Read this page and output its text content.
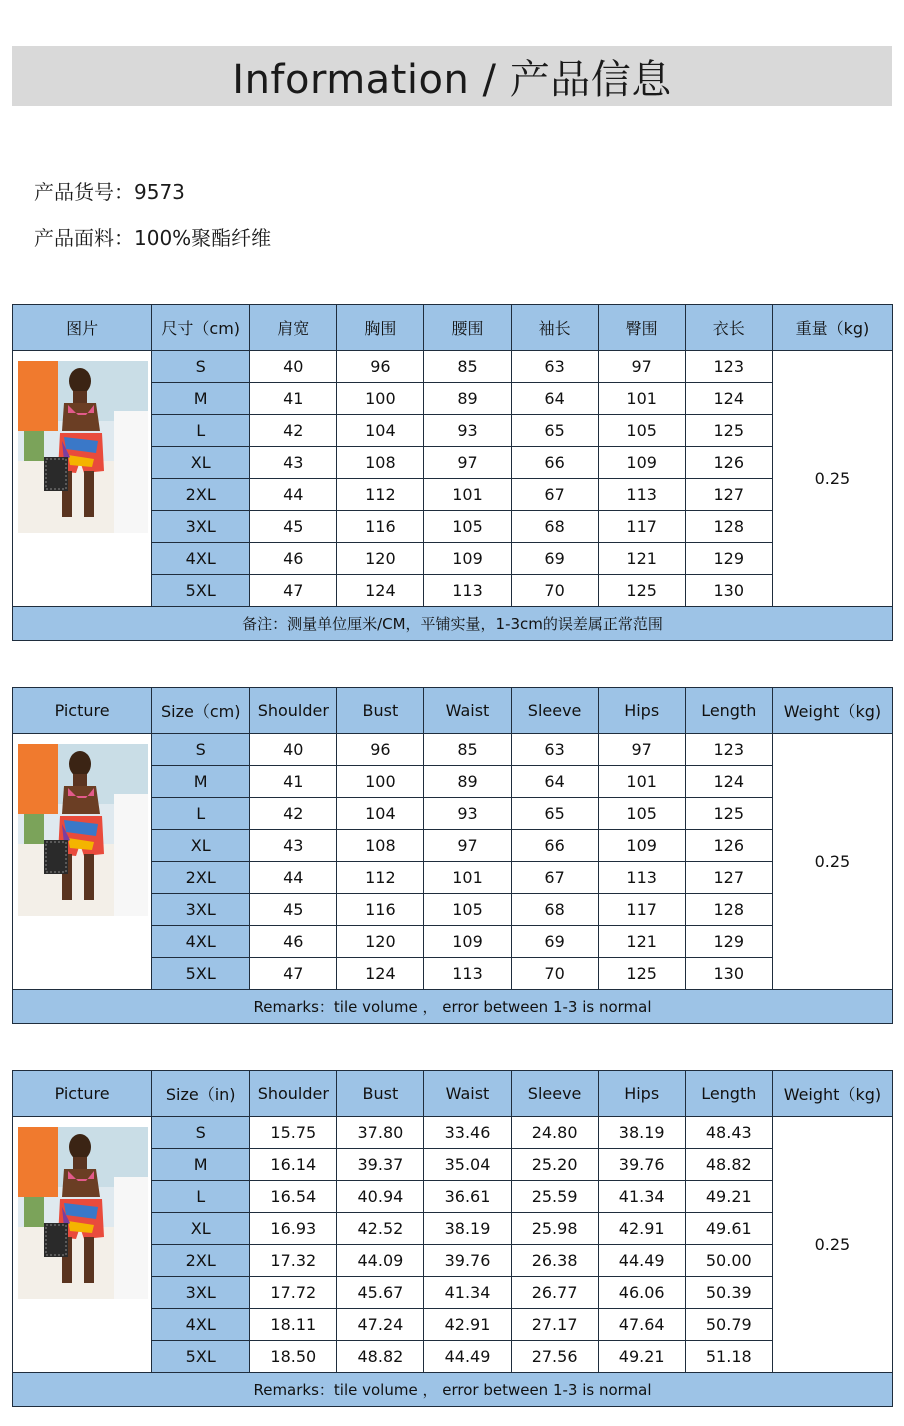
Information / 产品信息
产品货号：9573
产品面料：100%聚酯纤维
图片	尺寸（cm)	肩宽	胸围	腰围	袖长	臀围	衣长	重量（kg)

	S	40	96	85	63	97	123	0.25
	M	41	100	89	64	101	124	
	L	42	104	93	65	105	125	
	XL	43	108	97	66	109	126	
	2XL	44	112	101	67	113	127	
	3XL	45	116	105	68	117	128	
	4XL	46	120	109	69	121	129	
	5XL	47	124	113	70	125	130	
备注：测量单位厘米/CM，平铺实量，1-3cm的误差属正常范围								
Picture	Size（cm)	Shoulder	Bust	Waist	Sleeve	Hips	Length	Weight（kg)

	S	40	96	85	63	97	123	0.25
	M	41	100	89	64	101	124	
	L	42	104	93	65	105	125	
	XL	43	108	97	66	109	126	
	2XL	44	112	101	67	113	127	
	3XL	45	116	105	68	117	128	
	4XL	46	120	109	69	121	129	
	5XL	47	124	113	70	125	130	
Remarks：tile volume ， error between 1-3 is normal								
Picture	Size（in)	Shoulder	Bust	Waist	Sleeve	Hips	Length	Weight（kg)

	S	15.75	37.80	33.46	24.80	38.19	48.43	0.25
	M	16.14	39.37	35.04	25.20	39.76	48.82	
	L	16.54	40.94	36.61	25.59	41.34	49.21	
	XL	16.93	42.52	38.19	25.98	42.91	49.61	
	2XL	17.32	44.09	39.76	26.38	44.49	50.00	
	3XL	17.72	45.67	41.34	26.77	46.06	50.39	
	4XL	18.11	47.24	42.91	27.17	47.64	50.79	
	5XL	18.50	48.82	44.49	27.56	49.21	51.18	
Remarks：tile volume ， error between 1-3 is normal								
